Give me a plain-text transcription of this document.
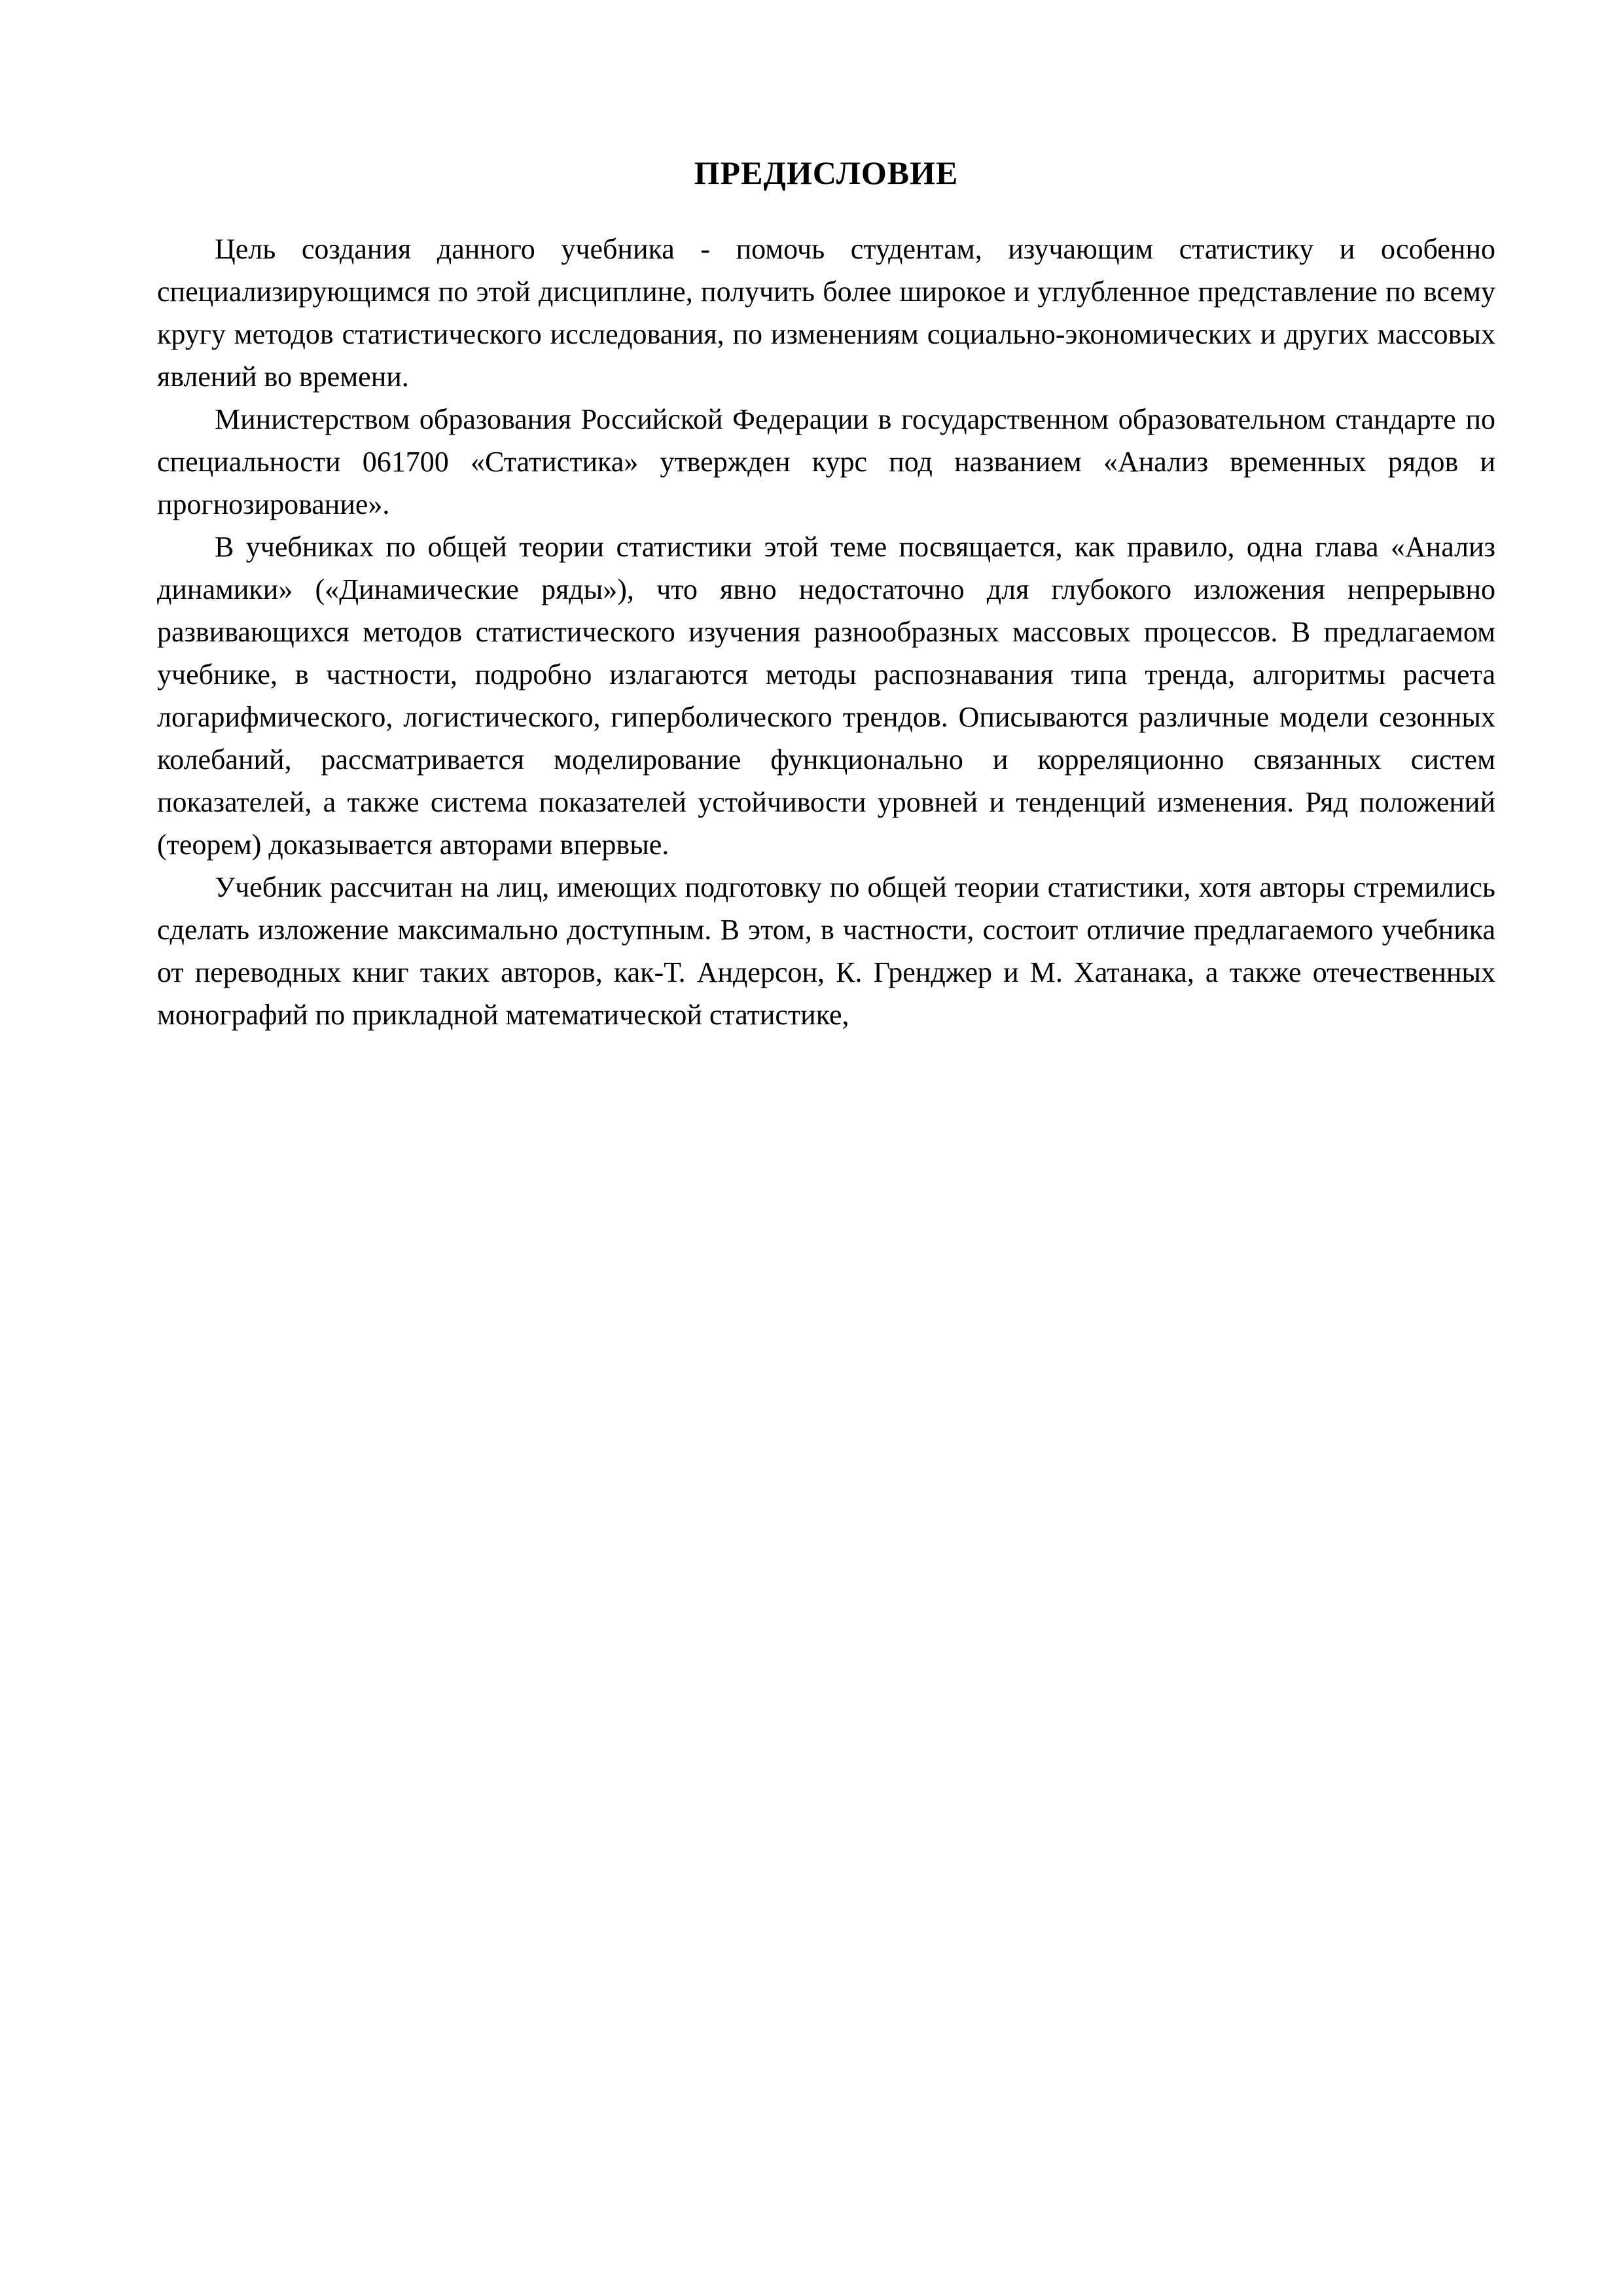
ПРЕДИСЛОВИЕ

Цель создания данного учебника - помочь студентам, изучающим статистику и особенно специализирующимся по этой дисциплине, получить более широкое и углубленное представление по всему кругу методов статистического исследования, по изменениям социально-экономических и других массовых явлений во времени.

Министерством образования Российской Федерации в государственном образовательном стандарте по специальности 061700 «Статистика» утвержден курс под названием «Анализ временных рядов и прогнозирование».

В учебниках по общей теории статистики этой теме посвящается, как правило, одна глава «Анализ динамики» («Динамические ряды»), что явно недостаточно для глубокого изложения непрерывно развивающихся методов статистического изучения разнообразных массовых процессов. В предлагаемом учебнике, в частности, подробно излагаются методы распознавания типа тренда, алгоритмы расчета логарифмического, логистического, гиперболического трендов. Описываются различные модели сезонных колебаний, рассматривается моделирование функционально и корреляционно связанных систем показателей, а также система показателей устойчивости уровней и тенденций изменения. Ряд положений (теорем) доказывается авторами впервые.

Учебник рассчитан на лиц, имеющих подготовку по общей теории статистики, хотя авторы стремились сделать изложение максимально доступным. В этом, в частности, состоит отличие предлагаемого учебника от переводных книг таких авторов, как-Т. Андерсон, К. Гренджер и М. Хатанака, а также отечественных монографий по прикладной математической статистике,
